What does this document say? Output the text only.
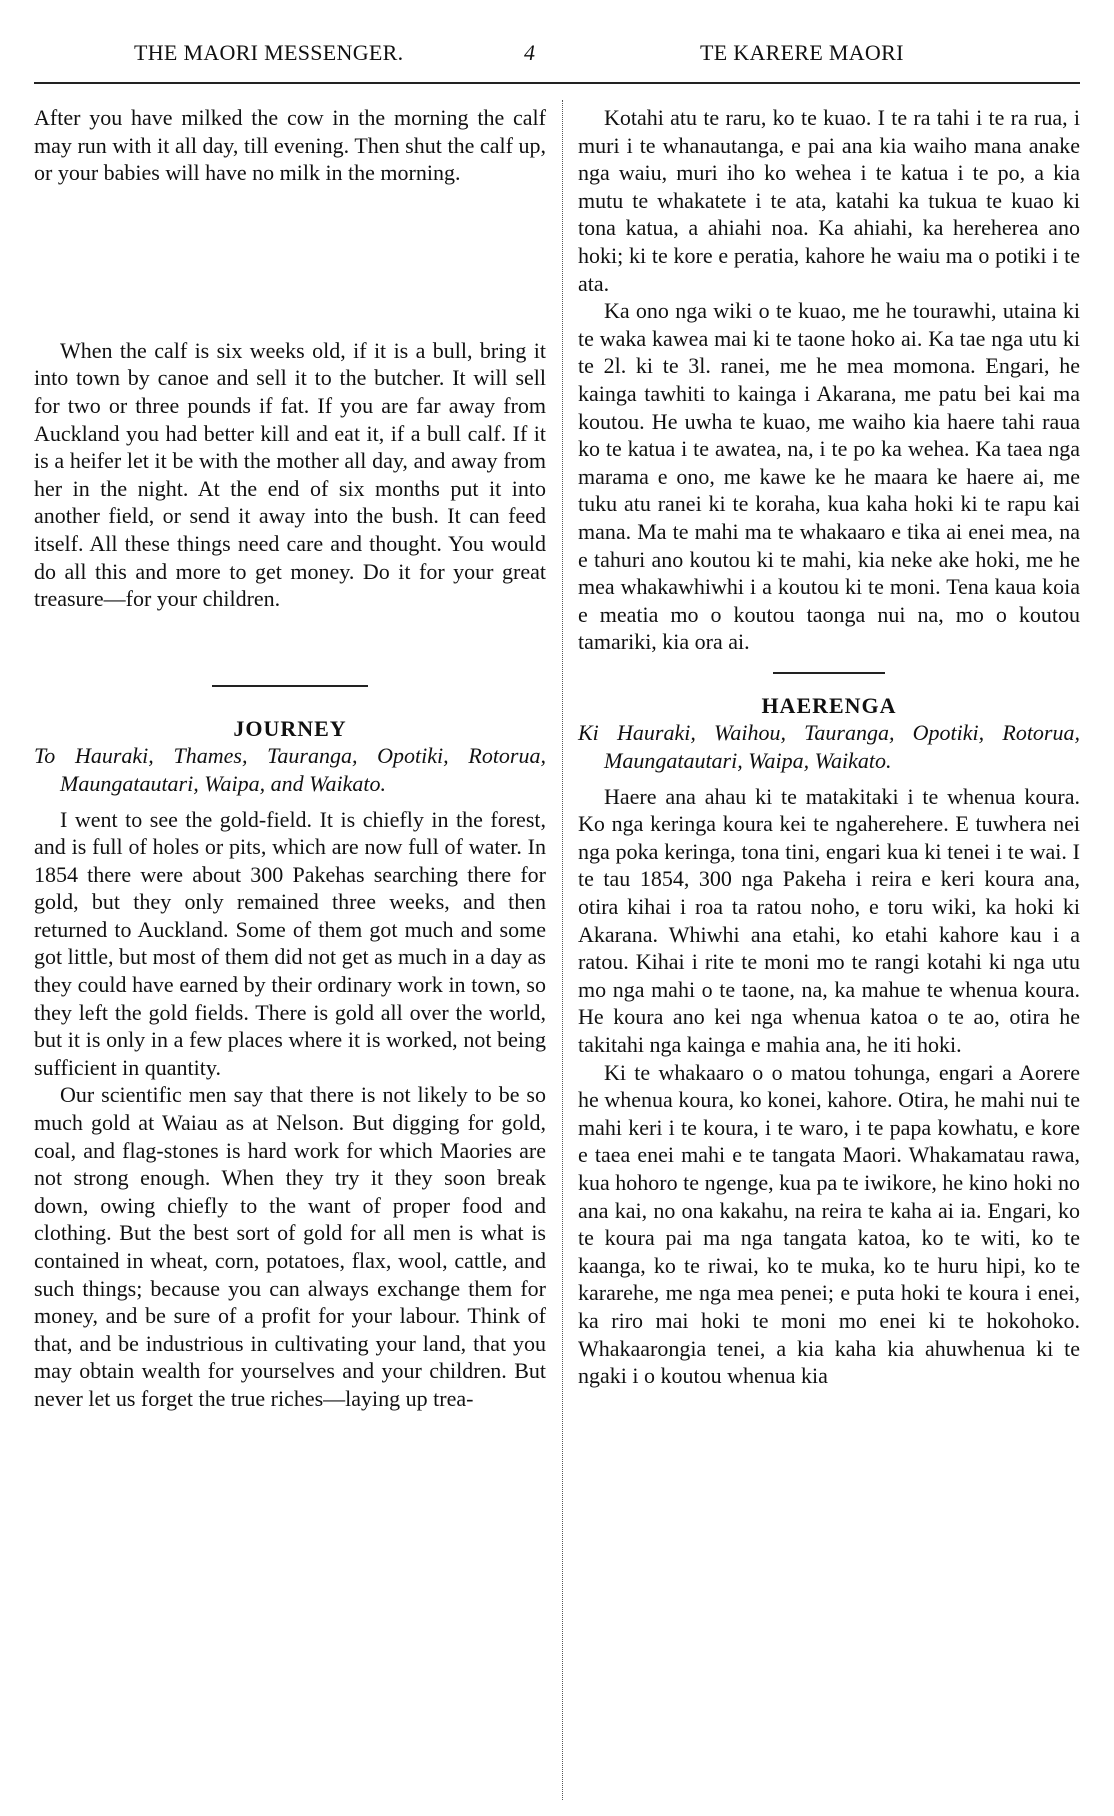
THE MAORI MESSENGER.	4	TE KARERE MAORI

After you have milked the cow in the morning the calf may run with it all day, till evening. Then shut the calf up, or your babies will have no milk in the morning.

When the calf is six weeks old, if it is a bull, bring it into town by canoe and sell it to the butcher. It will sell for two or three pounds if fat. If you are far away from Auckland you had better kill and eat it, if a bull calf. If it is a heifer let it be with the mother all day, and away from her in the night. At the end of six months put it into another field, or send it away into the bush. It can feed itself. All these things need care and thought. You would do all this and more to get money. Do it for your great treasure—for your children.

JOURNEY

To Hauraki, Thames, Tauranga, Opotiki, Rotorua, Maungatautari, Waipa, and Waikato.

I went to see the gold-field. It is chiefly in the forest, and is full of holes or pits, which are now full of water. In 1854 there were about 300 Pakehas searching there for gold, but they only remained three weeks, and then returned to Auckland. Some of them got much and some got little, but most of them did not get as much in a day as they could have earned by their ordinary work in town, so they left the gold fields. There is gold all over the world, but it is only in a few places where it is worked, not being sufficient in quantity.

Our scientific men say that there is not likely to be so much gold at Waiau as at Nelson. But digging for gold, coal, and flag-stones is hard work for which Maories are not strong enough. When they try it they soon break down, owing chiefly to the want of proper food and clothing. But the best sort of gold for all men is what is contained in wheat, corn, potatoes, flax, wool, cattle, and such things; because you can always exchange them for money, and be sure of a profit for your labour. Think of that, and be industrious in cultivating your land, that you may obtain wealth for yourselves and your children. But never let us forget the true riches—laying up trea-

Kotahi atu te raru, ko te kuao. I te ra tahi i te ra rua, i muri i te whanautanga, e pai ana kia waiho mana anake nga waiu, muri iho ko wehea i te katua i te po, a kia mutu te whakatete i te ata, katahi ka tukua te kuao ki tona katua, a ahiahi noa. Ka ahiahi, ka hereherea ano hoki; ki te kore e peratia, kahore he waiu ma o potiki i te ata.

Ka ono nga wiki o te kuao, me he tourawhi, utaina ki te waka kawea mai ki te taone hoko ai. Ka tae nga utu ki te 2l. ki te 3l. ranei, me he mea momona. Engari, he kainga tawhiti to kainga i Akarana, me patu bei kai ma koutou. He uwha te kuao, me waiho kia haere tahi raua ko te katua i te awatea, na, i te po ka wehea. Ka taea nga marama e ono, me kawe ke he maara ke haere ai, me tuku atu ranei ki te koraha, kua kaha hoki ki te rapu kai mana. Ma te mahi ma te whakaaro e tika ai enei mea, na e tahuri ano koutou ki te mahi, kia neke ake hoki, me he mea whakawhiwhi i a koutou ki te moni. Tena kaua koia e meatia mo o koutou taonga nui na, mo o koutou tamariki, kia ora ai.

HAERENGA

Ki Hauraki, Waihou, Tauranga, Opotiki, Rotorua, Maungatautari, Waipa, Waikato.

Haere ana ahau ki te matakitaki i te whenua koura. Ko nga keringa koura kei te ngaherehere. E tuwhera nei nga poka keringa, tona tini, engari kua ki tenei i te wai. I te tau 1854, 300 nga Pakeha i reira e keri koura ana, otira kihai i roa ta ratou noho, e toru wiki, ka hoki ki Akarana. Whiwhi ana etahi, ko etahi kahore kau i a ratou. Kihai i rite te moni mo te rangi kotahi ki nga utu mo nga mahi o te taone, na, ka mahue te whenua koura. He koura ano kei nga whenua katoa o te ao, otira he takitahi nga kainga e mahia ana, he iti hoki.

Ki te whakaaro o o matou tohunga, engari a Aorere he whenua koura, ko konei, kahore. Otira, he mahi nui te mahi keri i te koura, i te waro, i te papa kowhatu, e kore e taea enei mahi e te tangata Maori. Whakamatau rawa, kua hohoro te ngenge, kua pa te iwikore, he kino hoki no ana kai, no ona kakahu, na reira te kaha ai ia. Engari, ko te koura pai ma nga tangata katoa, ko te witi, ko te kaanga, ko te riwai, ko te muka, ko te huru hipi, ko te kararehe, me nga mea penei; e puta hoki te koura i enei, ka riro mai hoki te moni mo enei ki te hokohoko. Whakaarongia tenei, a kia kaha kia ahuwhenua ki te ngaki i o koutou whenua kia
